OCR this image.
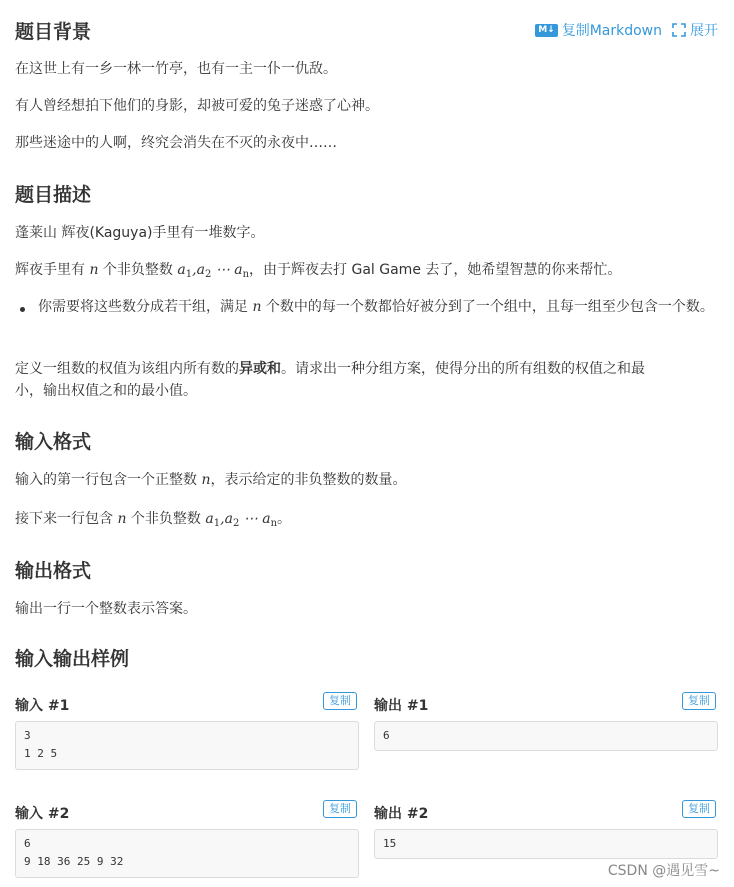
M↓ 复制Markdown 展开
题目背景

在这世上有一乡一林一竹亭，也有一主一仆一仇敌。

有人曾经想拍下他们的身影，却被可爱的兔子迷惑了心神。

那些迷途中的人啊，终究会消失在不灭的永夜中……

题目描述

蓬莱山 辉夜(Kaguya)手里有一堆数字。

辉夜手里有 n 个非负整数 $a_1,a_2$ ⋯ $a_n$，由于辉夜去打 Gal Game 去了，她希望智慧的你来帮忙。

你需要将这些数分成若干组，满足 n 个数中的每一个数都恰好被分到了一个组中，且每一组至少包含一个数。

定义一组数的权值为该组内所有数的异或和。请求出一种分组方案，使得分出的所有组数的权值之和最

小，输出权值之和的最小值。

输入格式

输入的第一行包含一个正整数 n，表示给定的非负整数的数量。

接下来一行包含 n 个非负整数 $a_1,a_2$ ⋯ $a_n$。

输出格式

输出一行一个整数表示答案。

输入输出样例
输入 #1	复制
3
1 2 5
输出 #1	复制
6
输入 #2	复制
6
9 18 36 25 9 32
输出 #2	复制
15
CSDN @遇见雪~
